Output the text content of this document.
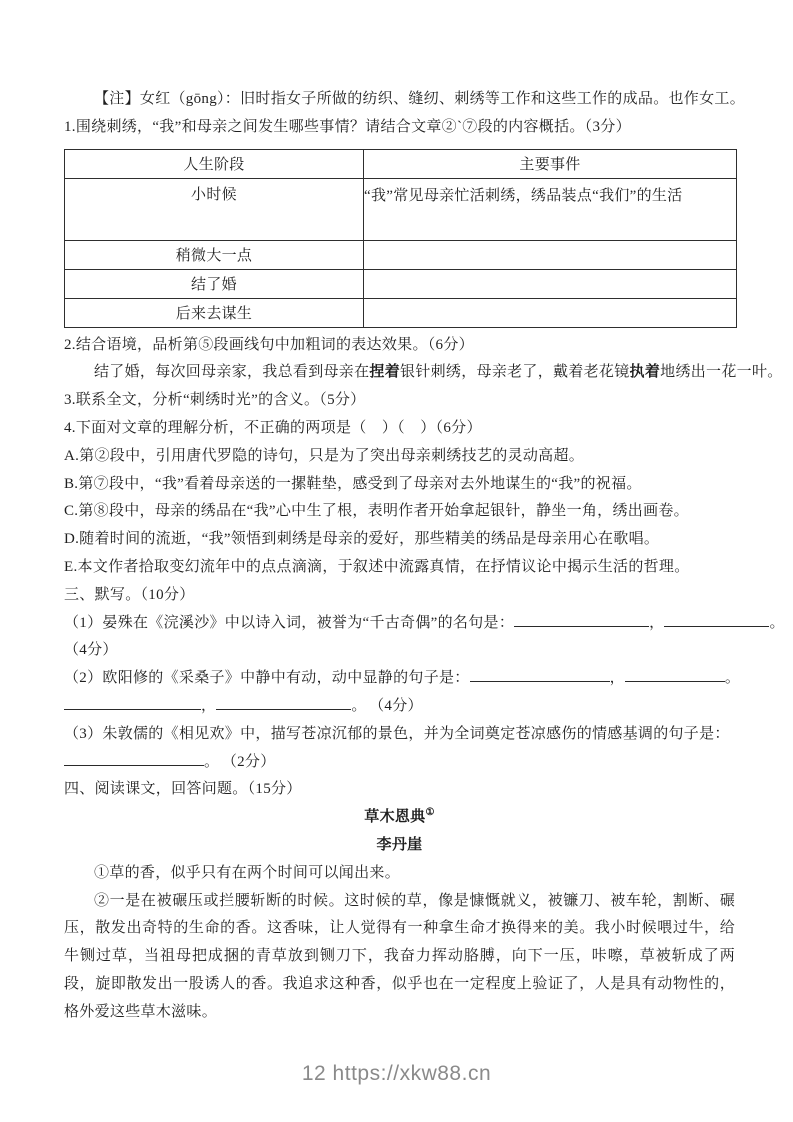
【注】女红（gōng）：旧时指女子所做的纺织、缝纫、刺绣等工作和这些工作的成品。也作女工。

1.围绕刺绣，“我”和母亲之间发生哪些事情？请结合文章②`⑦段的内容概括。（3分）

人生阶段	主要事件
小时候	“我”常见母亲忙活刺绣，绣品装点“我们”的生活
稍微大一点	
结了婚	
后来去谋生	

2.结合语境，品析第⑤段画线句中加粗词的表达效果。（6分）

结了婚，每次回母亲家，我总看到母亲在捏着银针刺绣，母亲老了，戴着老花镜执着地绣出一花一叶。

3.联系全文，分析“刺绣时光”的含义。（5分）

4.下面对文章的理解分析，不正确的两项是（　）（　）（6分）

A.第②段中，引用唐代罗隐的诗句，只是为了突出母亲刺绣技艺的灵动高超。

B.第⑦段中，“我”看着母亲送的一摞鞋垫，感受到了母亲对去外地谋生的“我”的祝福。

C.第⑧段中，母亲的绣品在“我”心中生了根，表明作者开始拿起银针，静坐一角，绣出画卷。

D.随着时间的流逝，“我”领悟到刺绣是母亲的爱好，那些精美的绣品是母亲用心在歌唱。

E.本文作者拾取变幻流年中的点点滴滴，于叙述中流露真情，在抒情议论中揭示生活的哲理。

三、默写。（10分）

（1）晏殊在《浣溪沙》中以诗入词，被誉为“千古奇偶”的名句是：	，	。

（4分）

（2）欧阳修的《采桑子》中静中有动，动中显静的句子是：	，	。

，	。 （4分）

（3）朱敦儒的《相见欢》中，描写苍凉沉郁的景色，并为全词奠定苍凉感伤的情感基调的句子是：

。 （2分）

四、阅读课文，回答问题。（15分）

草木恩典①

李丹崖

①草的香，似乎只有在两个时间可以闻出来。

②一是在被碾压或拦腰斩断的时候。这时候的草，像是慷慨就义，被镰刀、被车轮，割断、碾压，散发出奇特的生命的香。这香味，让人觉得有一种拿生命才换得来的美。我小时候喂过牛，给牛铡过草，当祖母把成捆的青草放到铡刀下，我奋力挥动胳膊，向下一压，咔嚓，草被斩成了两段，旋即散发出一股诱人的香。我追求这种香，似乎也在一定程度上验证了，人是具有动物性的，格外爱这些草木滋味。

12 https://xkw88.cn
